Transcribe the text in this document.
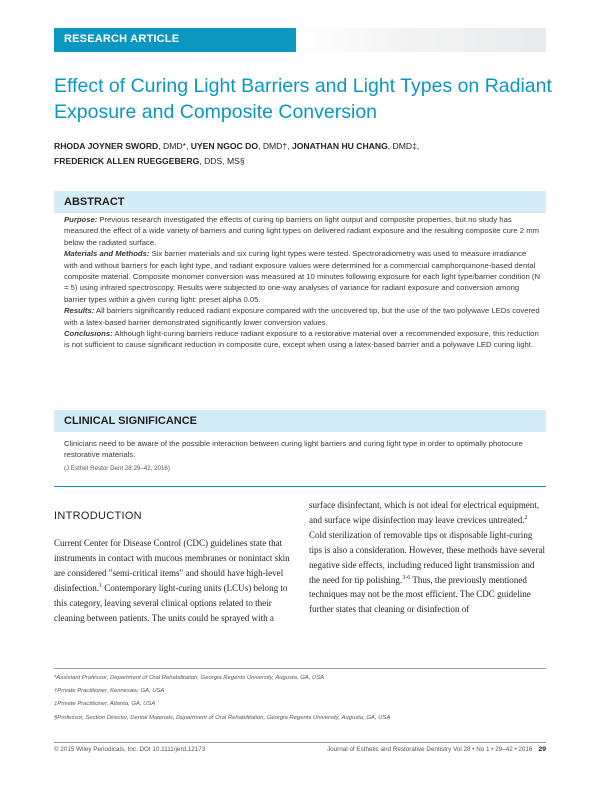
RESEARCH ARTICLE
Effect of Curing Light Barriers and Light Types on Radiant Exposure and Composite Conversion
RHODA JOYNER SWORD, DMD*, UYEN NGOC DO, DMD†, JONATHAN HU CHANG, DMD‡,
FREDERICK ALLEN RUEGGEBERG, DDS, MS§
ABSTRACT

Purpose: Previous research investigated the effects of curing tip barriers on light output and composite properties, but no study has measured the effect of a wide variety of barriers and curing light types on delivered radiant exposure and the resulting composite cure 2 mm below the radiated surface.

Materials and Methods: Six barrier materials and six curing light types were tested. Spectroradiometry was used to measure irradiance with and without barriers for each light type, and radiant exposure values were determined for a commercial camphorquinone-based dental composite material. Composite monomer conversion was measured at 10 minutes following exposure for each light type/barrier condition (N = 5) using infrared spectroscopy. Results were subjected to one-way analyses of variance for radiant exposure and conversion among barrier types within a given curing light: preset alpha 0.05.

Results: All barriers significantly reduced radiant exposure compared with the uncovered tip, but the use of the two polywave LEDs covered with a latex-based barrier demonstrated significantly lower conversion values.

Conclusions: Although light-curing barriers reduce radiant exposure to a restorative material over a recommended exposure, this reduction is not sufficient to cause significant reduction in composite cure, except when using a latex-based barrier and a polywave LED curing light.

CLINICAL SIGNIFICANCE

Clinicians need to be aware of the possible interaction between curing light barriers and curing light type in order to optimally photocure restorative materials.

(J Esthet Restor Dent 28:29–42, 2016)
INTRODUCTION

Current Center for Disease Control (CDC) guidelines state that instruments in contact with mucous membranes or nonintact skin are considered "semi-critical items" and should have high-level disinfection.$^1$ Contemporary light-curing units (LCUs) belong to this category, leaving several clinical options related to their cleaning between patients. The units could be sprayed with a

surface disinfectant, which is not ideal for electrical equipment, and surface wipe disinfection may leave crevices untreated.$^2$ Cold sterilization of removable tips or disposable light-curing tips is also a consideration. However, these methods have several negative side effects, including reduced light transmission and the need for tip polishing.$^{3-6}$ Thus, the previously mentioned techniques may not be the most efficient. The CDC guideline further states that cleaning or disinfection of

*Assistant Professor, Department of Oral Rehabilitation, Georgia Regents University, Augusta, GA, USA

†Private Practitioner, Kennesaw, GA, USA

‡Private Practitioner, Atlanta, GA, USA

§Professor, Section Director, Dental Materials, Department of Oral Rehabilitation, Georgia Regents University, Augusta, GA, USA

© 2015 Wiley Periodicals, Inc. DOI 10.1111/jerd.12173	Journal of Esthetic and Restorative Dentistry Vol 28 • No 1 • 29–42 • 2016 29
